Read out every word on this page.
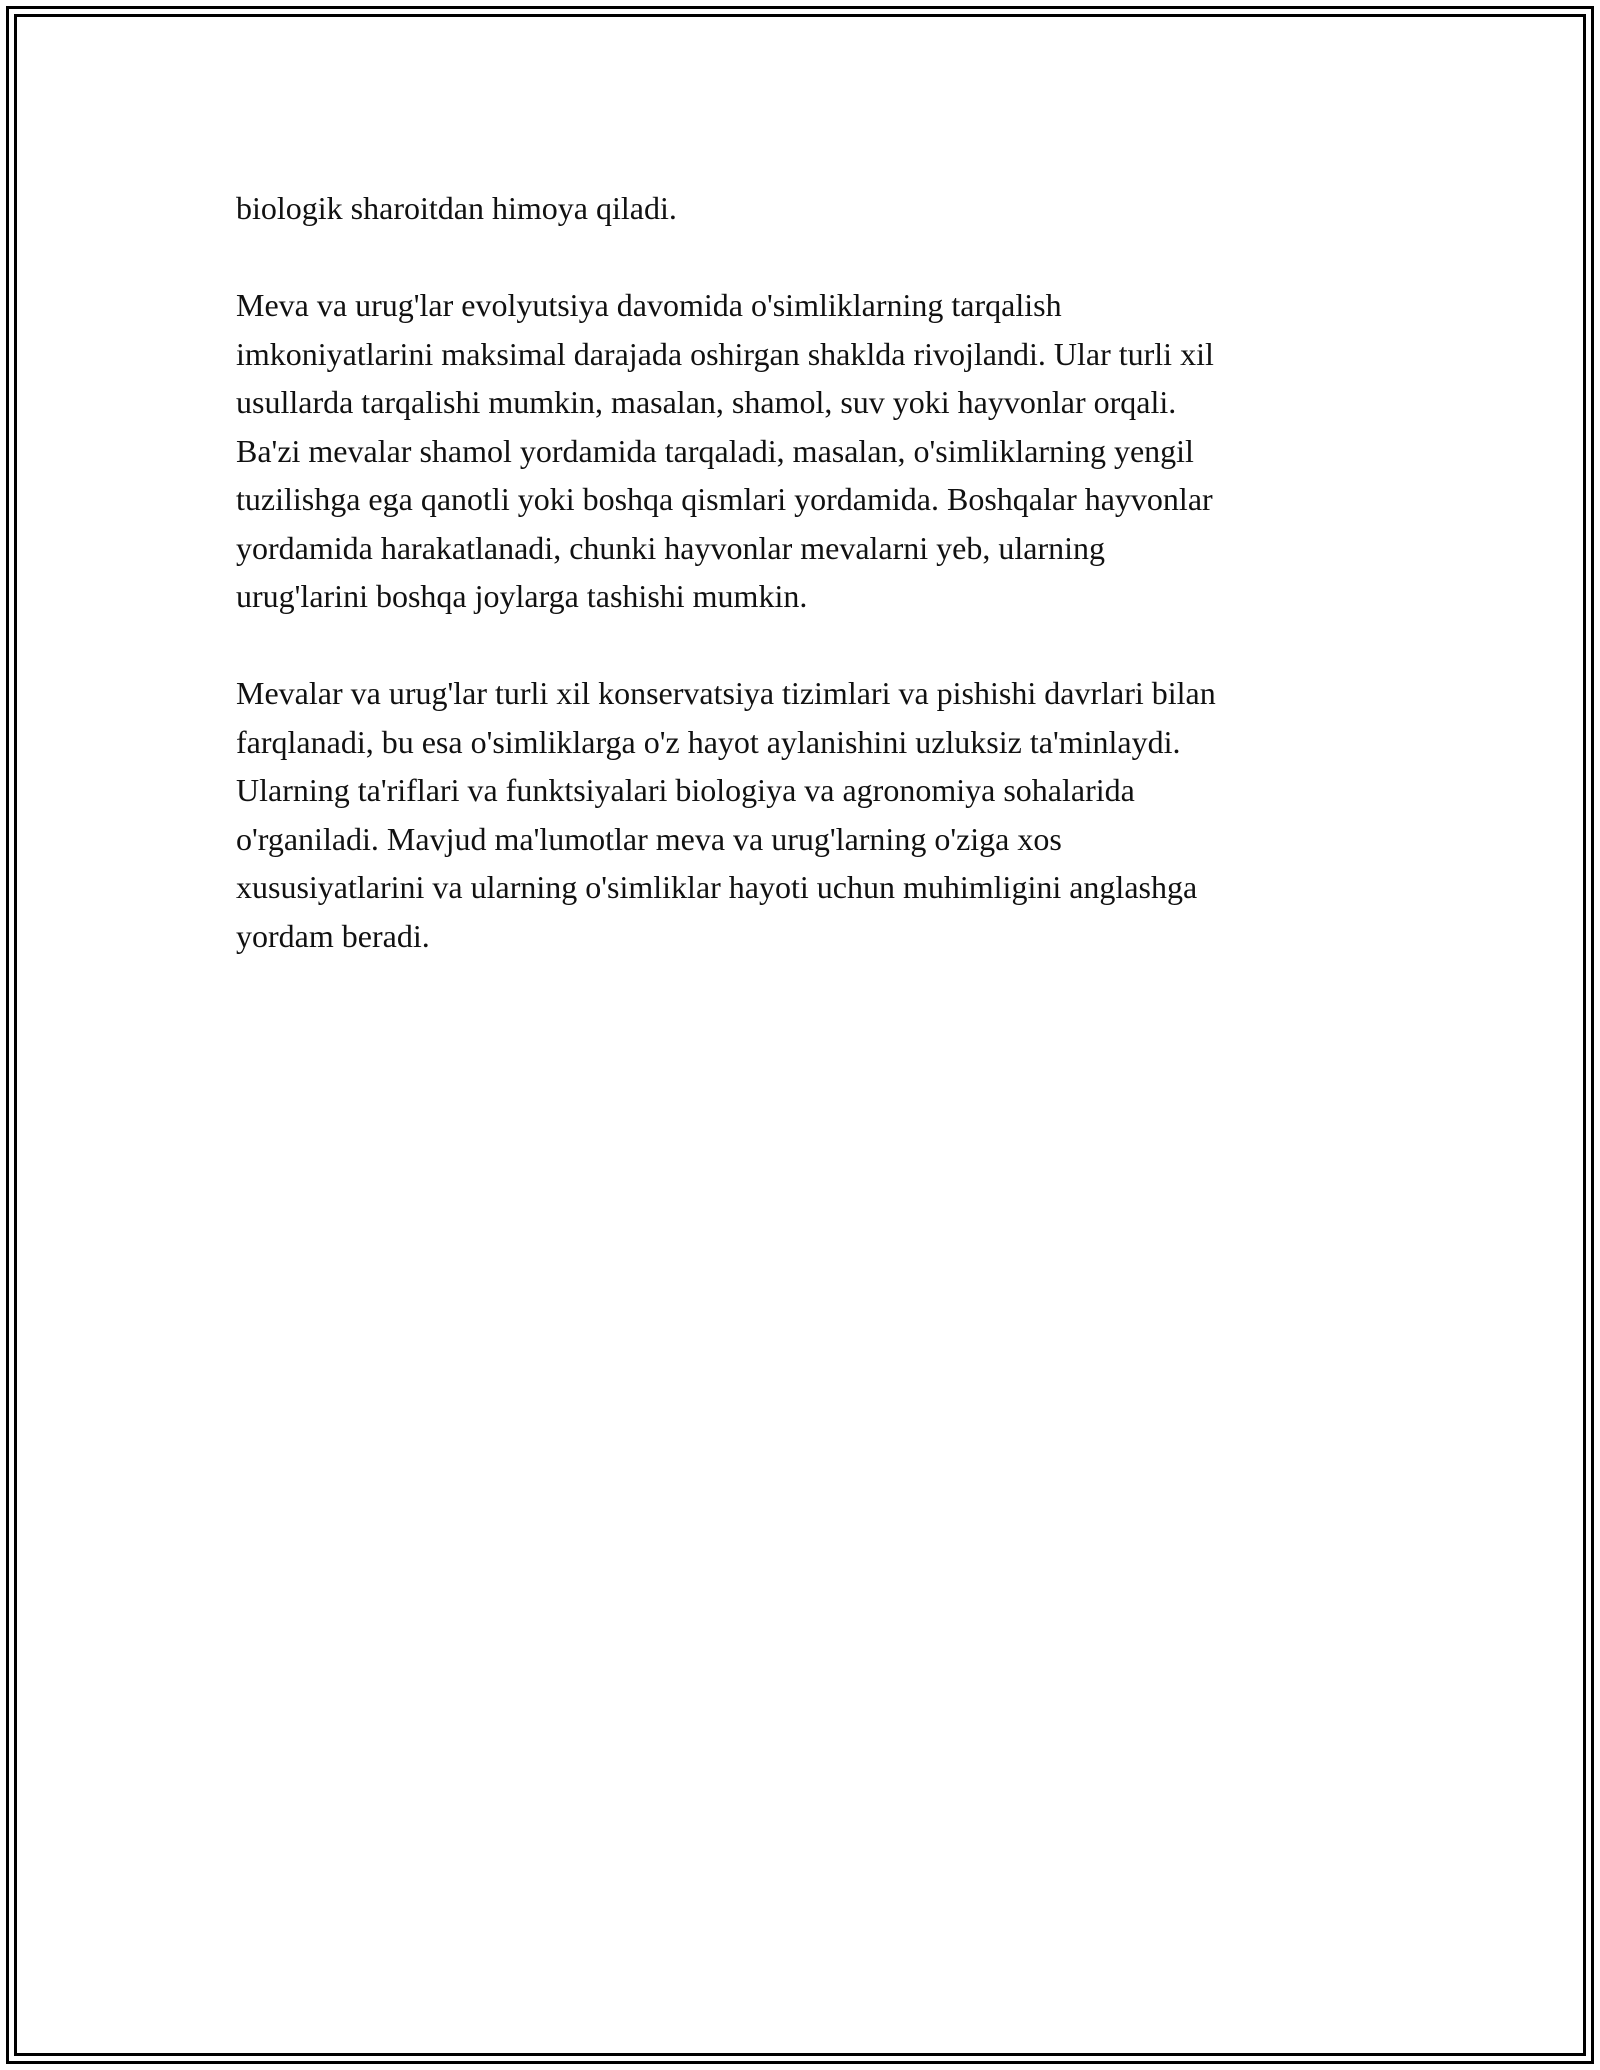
biologik sharoitdan himoya qiladi.

Meva va urug'lar evolyutsiya davomida o'simliklarning tarqalish
imkoniyatlarini maksimal darajada oshirgan shaklda rivojlandi. Ular turli xil
usullarda tarqalishi mumkin, masalan, shamol, suv yoki hayvonlar orqali.
Ba'zi mevalar shamol yordamida tarqaladi, masalan, o'simliklarning yengil
tuzilishga ega qanotli yoki boshqa qismlari yordamida. Boshqalar hayvonlar
yordamida harakatlanadi, chunki hayvonlar mevalarni yeb, ularning
urug'larini boshqa joylarga tashishi mumkin.

Mevalar va urug'lar turli xil konservatsiya tizimlari va pishishi davrlari bilan
farqlanadi, bu esa o'simliklarga o'z hayot aylanishini uzluksiz ta'minlaydi.
Ularning ta'riflari va funktsiyalari biologiya va agronomiya sohalarida
o'rganiladi. Mavjud ma'lumotlar meva va urug'larning o'ziga xos
xususiyatlarini va ularning o'simliklar hayoti uchun muhimligini anglashga
yordam beradi.
